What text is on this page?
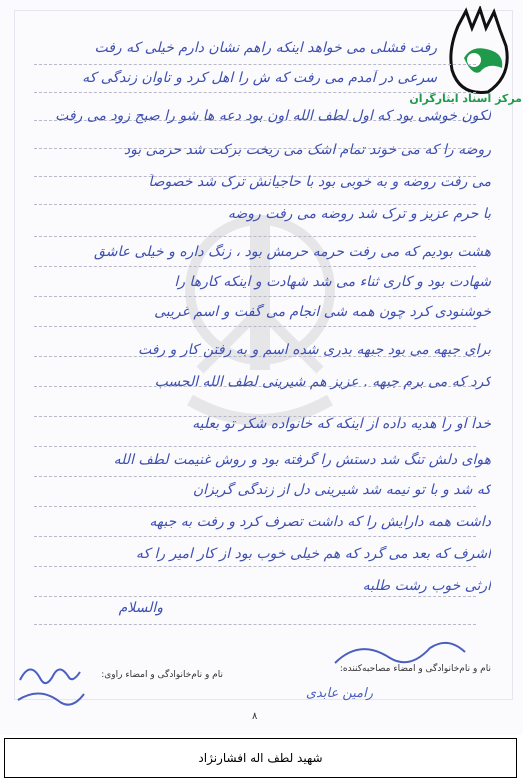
مرکز اسناد ایثارگران
رفت فشلی می خواهد اینکه راهم نشان دارم خیلی که رفت
سرعی در آمدم می رفت که ش را اهل کرد و تاوان زندگی که
لکون خوشی بود که اول لطف الله اون بود دعه ها شو را صبح زود می رفت
روضه را که می خوند تمام اشک می ریخت برکت شد حرمی بود
می رفت روضه و به خوبی بود با حاجیانش ترک شد خصوصاً
با حرم عزیز و ترک شد روضه می رفت روضه
هشت بودیم که می رفت حرمه حرمش بود ، زنگ داره و خیلی عاشق
شهادت بود و کاری ثناء می شد شهادت و اینکه کارها را
خوشنودی کرد چون همه شی انجام می گفت و اسم غریبی
برای جبهه می بود جبهه بدری شده اسم و به رفتن کار و رفت
کرد که می برم جبهه . عزیز هم شیرینی لطف الله الحسب
خدا او را هدیه داده از اینکه که خانواده شکر تو بعلیه
هوای دلش تنگ شد دستش را گرفته بود و روش غنیمت لطف الله
که شد و با تو نیمه شد شیرینی دل از زندگی گریزان
داشت همه دارایش را که داشت تصرف کرد و رفت به جبهه
اشرف که بعد می گرد که هم خیلی خوب بود از کار امیر را که
ارثی خوب رشت طلبه
والسلام
نام و نام‌خانوادگی و امضاء مصاحبه‌کننده:
نام و نام‌خانوادگی و امضاء راوی:
رامین عابدی
۸
شهید لطف اله افشارنژاد
